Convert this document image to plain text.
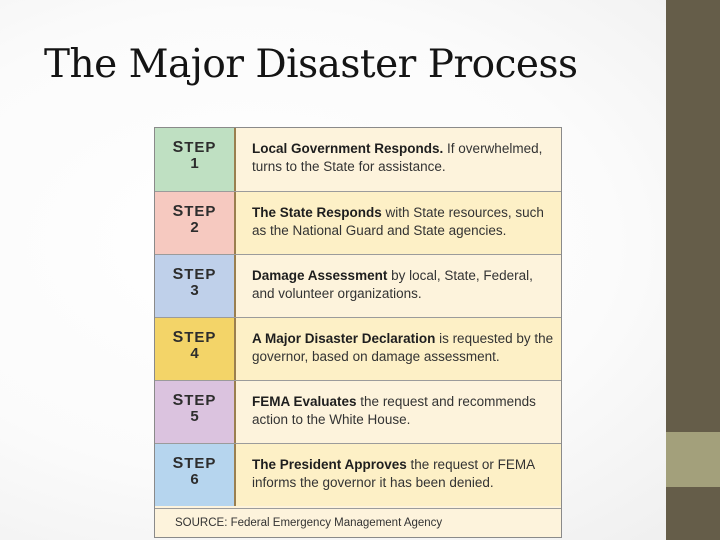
The Major Disaster Process
STEP
1

Local Government Responds. If overwhelmed, turns to the State for assistance.

STEP
2

The State Responds with State resources, such as the National Guard and State agencies.

STEP
3

Damage Assessment by local, State, Federal, and volunteer organizations.

STEP
4

A Major Disaster Declaration is requested by the governor, based on damage assessment.

STEP
5

FEMA Evaluates the request and recommends action to the White House.

STEP
6

The President Approves the request or FEMA informs the governor it has been denied.

SOURCE: Federal Emergency Management Agency
